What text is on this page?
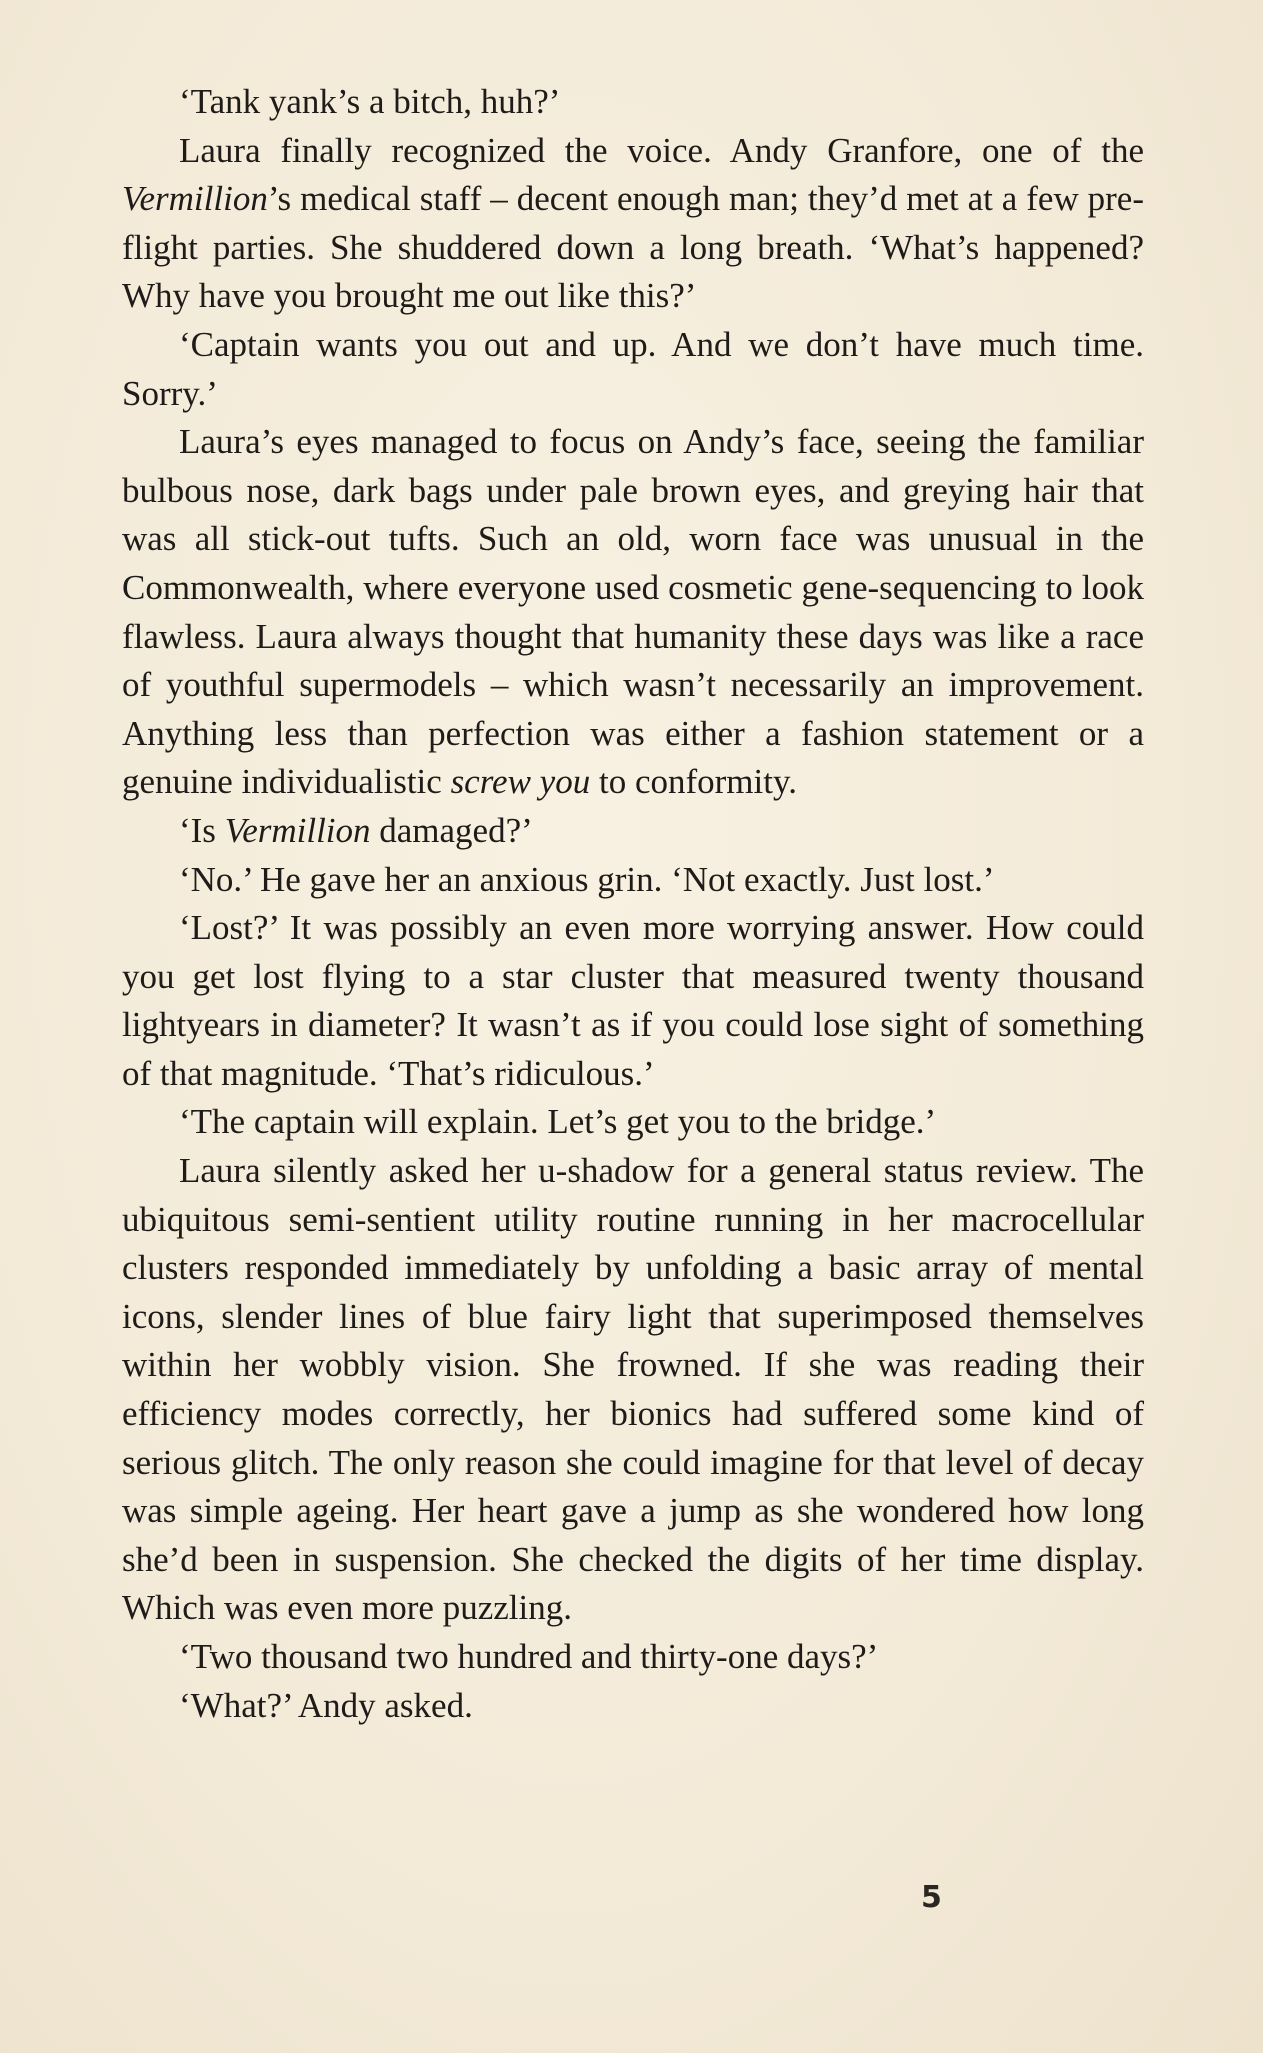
‘Tank yank’s a bitch, huh?’

Laura finally recognized the voice. Andy Granfore, one of the Vermillion’s medical staff – decent enough man; they’d met at a few pre-flight parties. She shuddered down a long breath. ‘What’s happened? Why have you brought me out like this?’

‘Captain wants you out and up. And we don’t have much time. Sorry.’

Laura’s eyes managed to focus on Andy’s face, seeing the familiar bulbous nose, dark bags under pale brown eyes, and greying hair that was all stick-out tufts. Such an old, worn face was unusual in the Commonwealth, where everyone used cosmetic gene-sequencing to look flawless. Laura always thought that humanity these days was like a race of youthful supermodels – which wasn’t necessarily an improvement. Anything less than perfection was either a fashion statement or a genuine individualistic screw you to conformity.

‘Is Vermillion damaged?’

‘No.’ He gave her an anxious grin. ‘Not exactly. Just lost.’

‘Lost?’ It was possibly an even more worrying answer. How could you get lost flying to a star cluster that measured twenty thousand lightyears in diameter? It wasn’t as if you could lose sight of something of that magnitude. ‘That’s ridiculous.’

‘The captain will explain. Let’s get you to the bridge.’

Laura silently asked her u-shadow for a general status review. The ubiquitous semi-sentient utility routine running in her macrocellular clusters responded immediately by unfolding a basic array of mental icons, slender lines of blue fairy light that superimposed themselves within her wobbly vision. She frowned. If she was reading their efficiency modes correctly, her bionics had suffered some kind of serious glitch. The only reason she could imagine for that level of decay was simple ageing. Her heart gave a jump as she wondered how long she’d been in suspension. She checked the digits of her time display. Which was even more puzzling.

‘Two thousand two hundred and thirty-one days?’

‘What?’ Andy asked.

5
